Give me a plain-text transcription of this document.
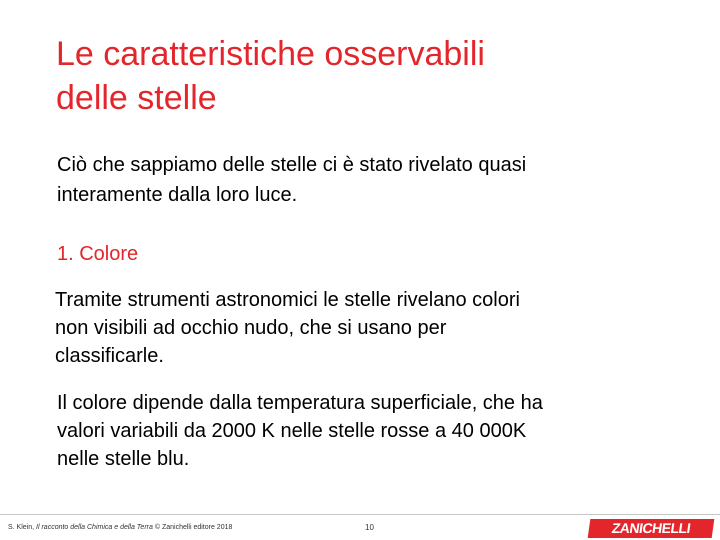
Le caratteristiche osservabili
delle stelle

Ciò che sappiamo delle stelle ci è stato rivelato quasi
interamente dalla loro luce.

1. Colore

Tramite strumenti astronomici le stelle rivelano colori
non visibili ad occhio nudo, che si usano per
classificarle.

Il colore dipende dalla temperatura superficiale, che ha
valori variabili da 2000 K nelle stelle rosse a 40 000K
nelle stelle blu.

S. Klein, Il racconto della Chimica e della Terra © Zanichelli editore 2018	10	ZANICHELLI
